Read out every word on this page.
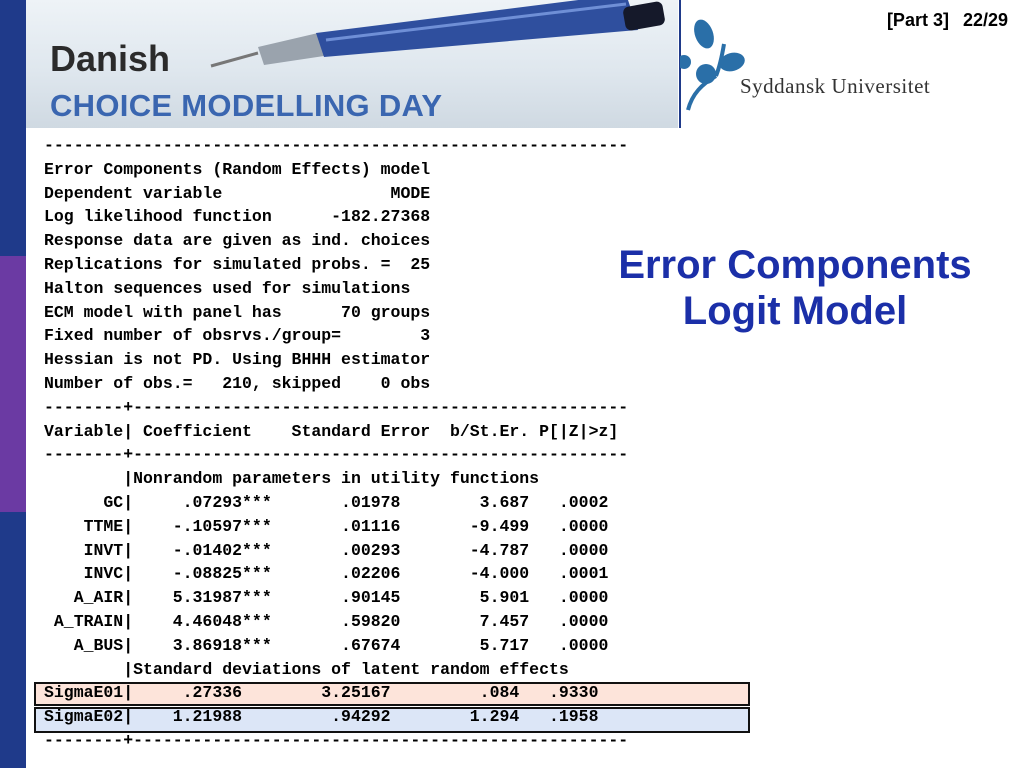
Danish
CHOICE MODELLING DAY
Syddansk Universitet
[Part 3] 22/29
Error Components
Logit Model
-----------------------------------------------------------
Error Components (Random Effects) model
Dependent variable                 MODE
Log likelihood function      -182.27368
Response data are given as ind. choices
Replications for simulated probs. =  25
Halton sequences used for simulations
ECM model with panel has      70 groups
Fixed number of obsrvs./group=        3
Hessian is not PD. Using BHHH estimator
Number of obs.=   210, skipped    0 obs
--------+--------------------------------------------------
Variable| Coefficient    Standard Error  b/St.Er. P[|Z|>z]
--------+--------------------------------------------------
|Nonrandom parameters in utility functions
GC|     .07293***       .01978        3.687   .0002
TTME|    -.10597***       .01116       -9.499   .0000
INVT|    -.01402***       .00293       -4.787   .0000
INVC|    -.08825***       .02206       -4.000   .0001
A_AIR|    5.31987***       .90145        5.901   .0000
A_TRAIN|    4.46048***       .59820        7.457   .0000
A_BUS|    3.86918***       .67674        5.717   .0000
|Standard deviations of latent random effects
SigmaE01|     .27336        3.25167         .084   .9330
SigmaE02|    1.21988         .94292        1.294   .1958
--------+--------------------------------------------------
